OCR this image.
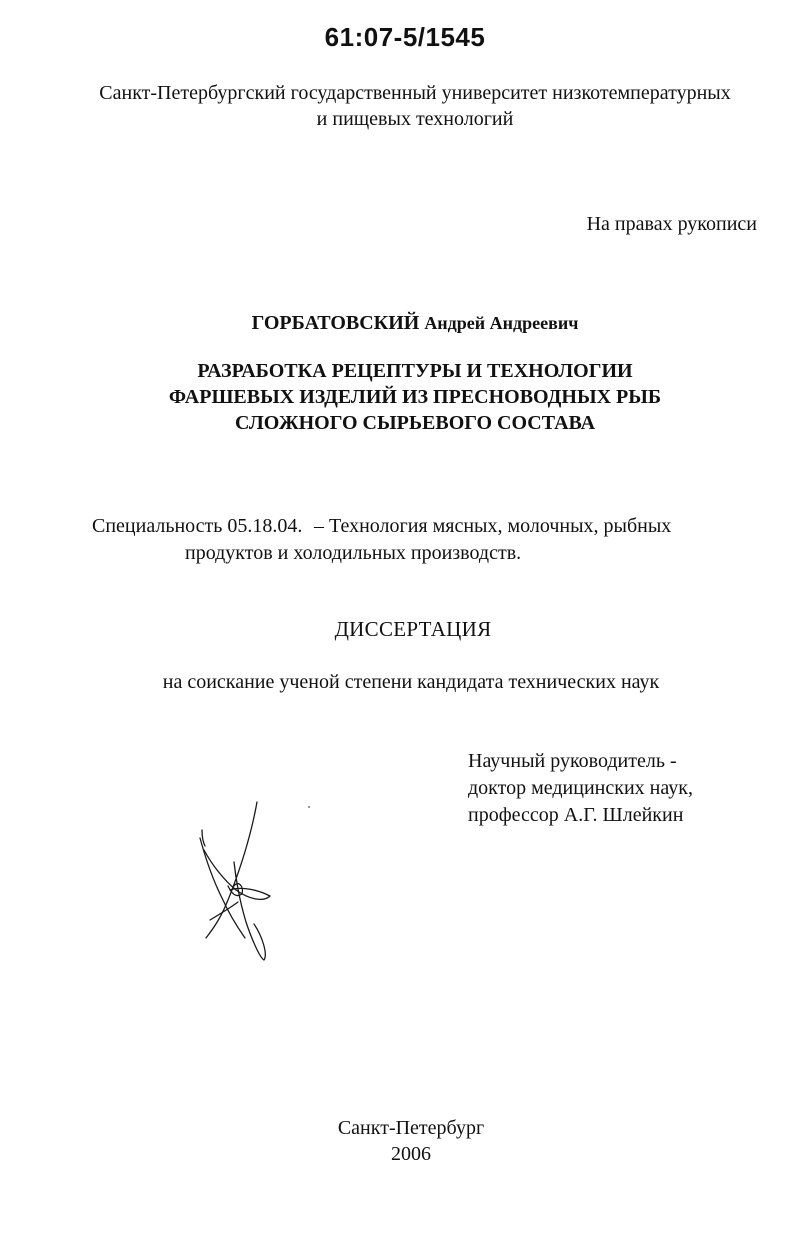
61:07-5/1545
Санкт-Петербургский государственный университет низкотемпературных
и пищевых технологий
На правах рукописи
ГОРБАТОВСКИЙ Андрей Андреевич
РАЗРАБОТКА РЕЦЕПТУРЫ И ТЕХНОЛОГИИ
ФАРШЕВЫХ ИЗДЕЛИЙ ИЗ ПРЕСНОВОДНЫХ РЫБ
СЛОЖНОГО СЫРЬЕВОГО СОСТАВА
Специальность 05.18.04. – Технология мясных, молочных, рыбных
продуктов и холодильных производств.
ДИССЕРТАЦИЯ
на соискание ученой степени кандидата технических наук
Научный руководитель -
доктор медицинских наук,
профессор А.Г. Шлейкин
Санкт-Петербург
2006
